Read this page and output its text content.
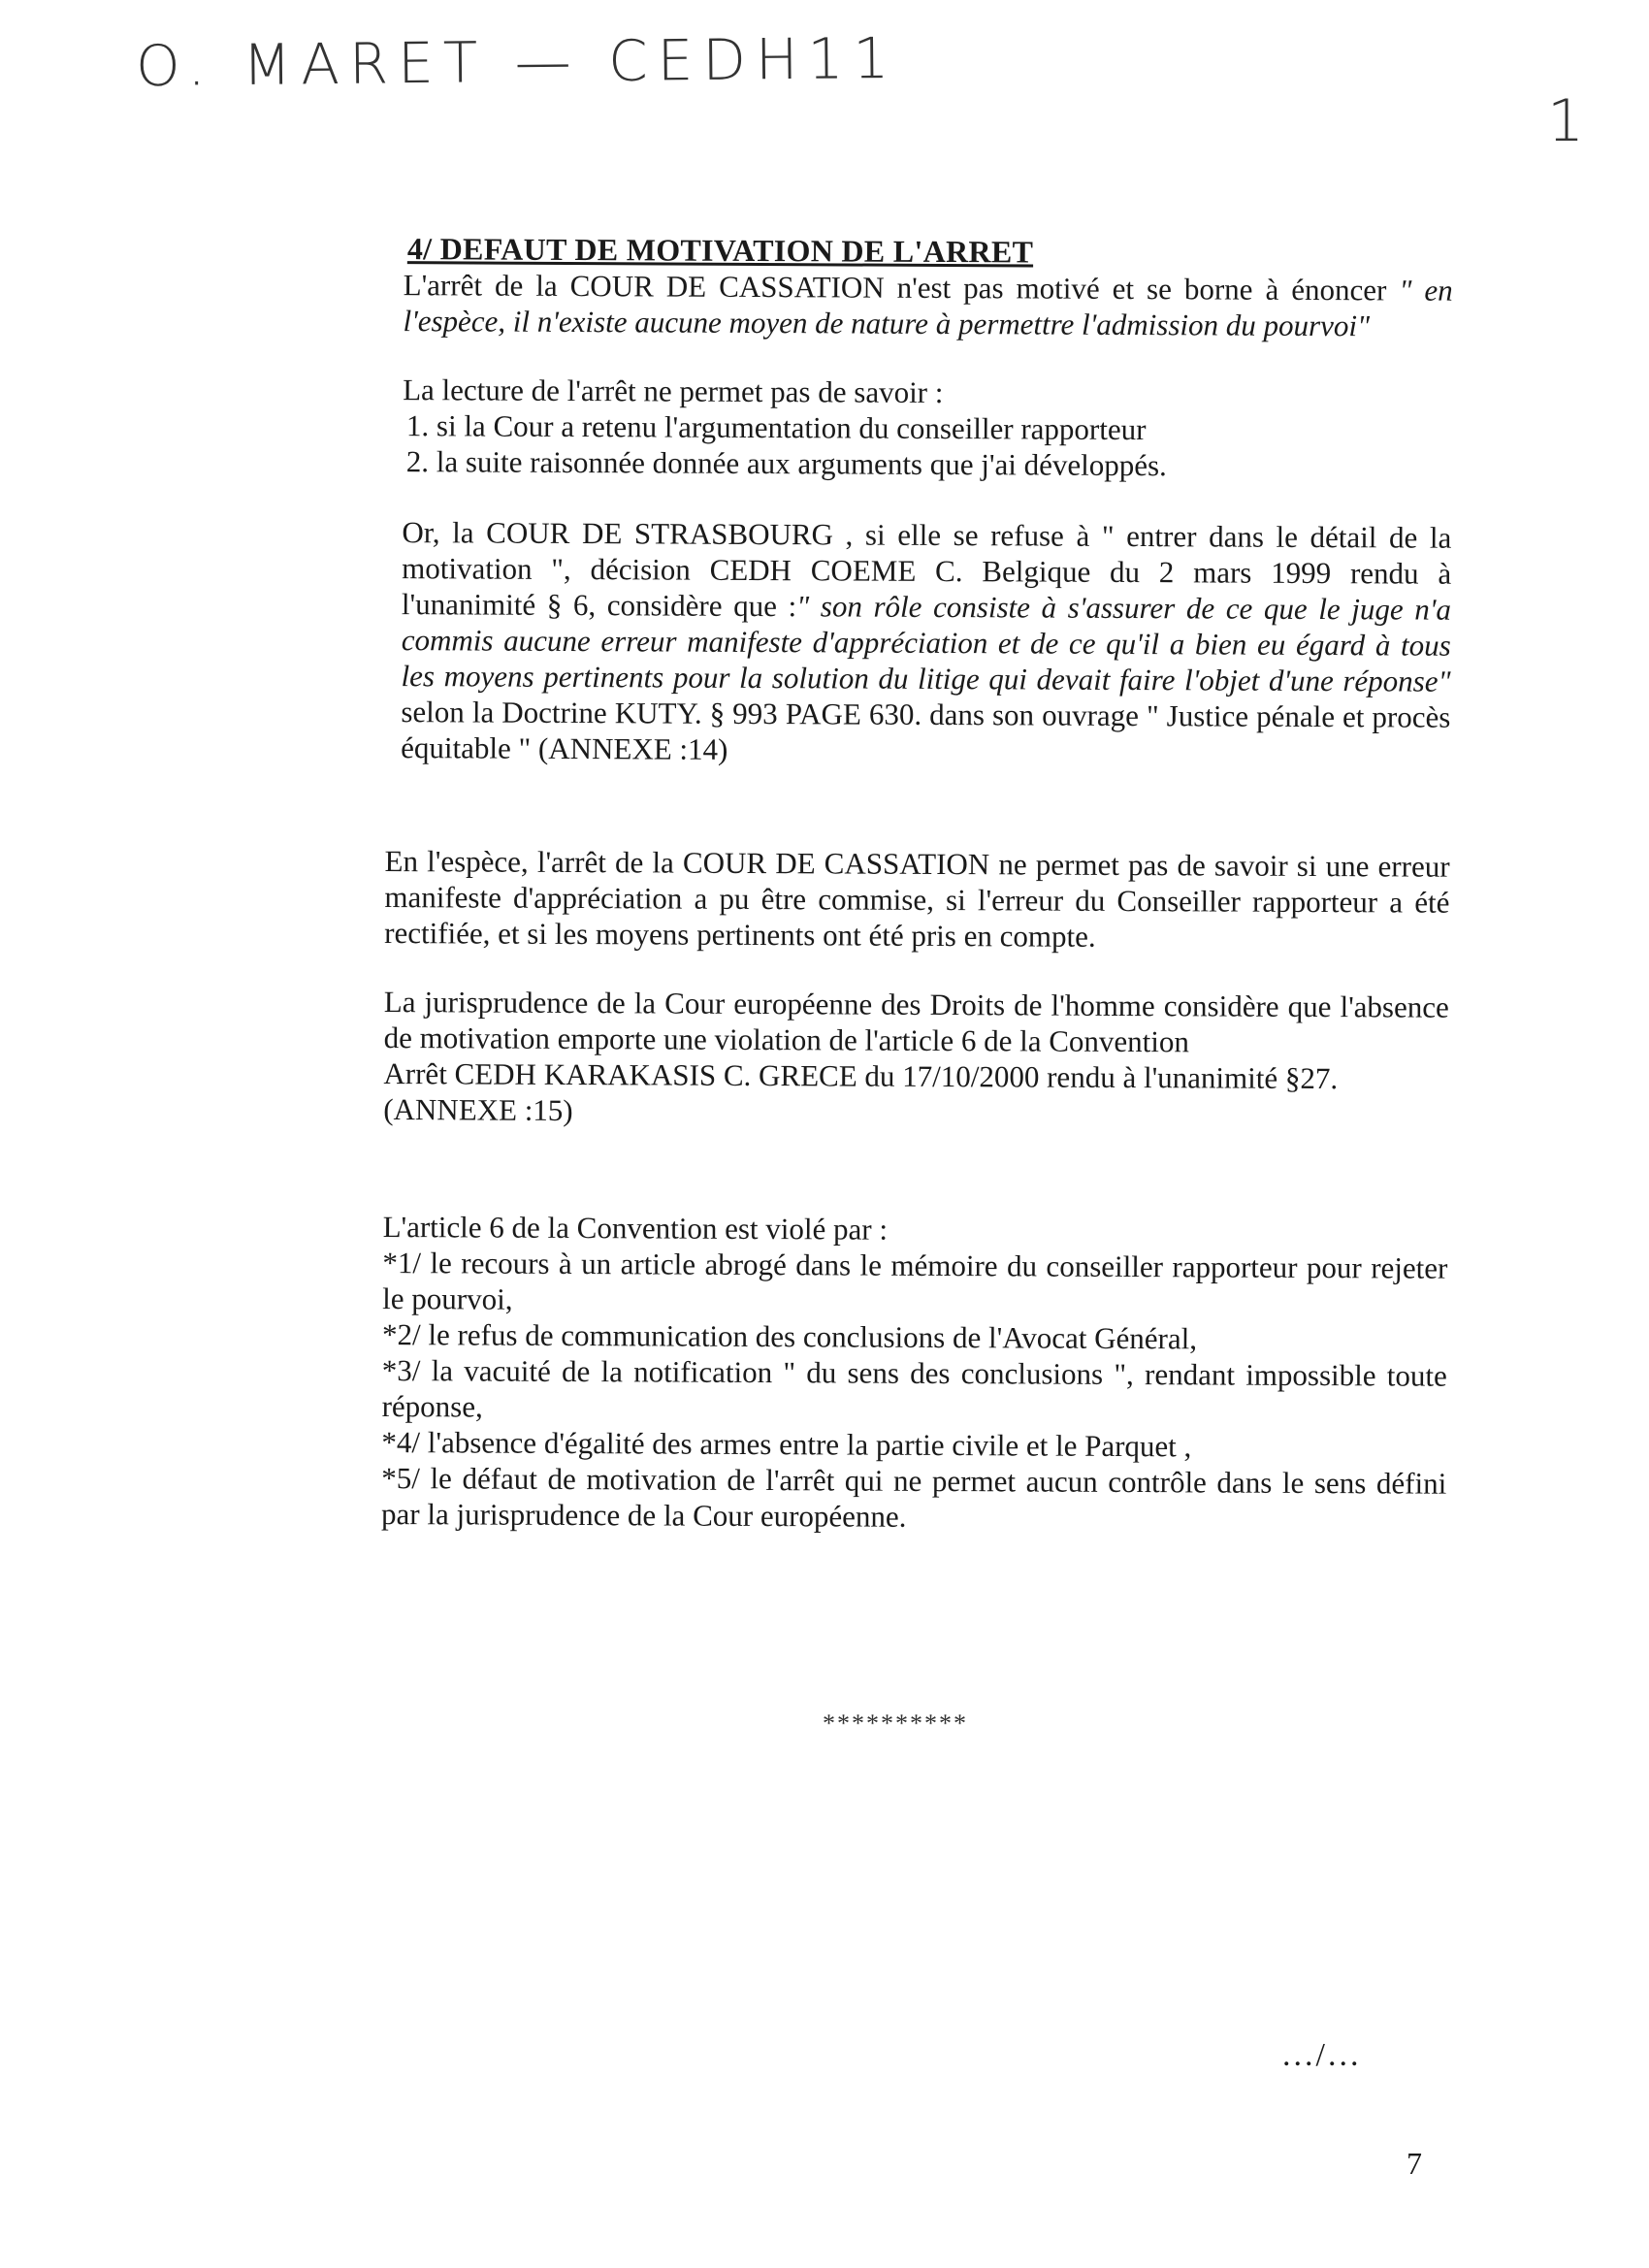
O. MARET — CEDH11
1

4/ DEFAUT DE MOTIVATION DE L'ARRET

L'arrêt de la COUR DE CASSATION n'est pas motivé et se borne à énoncer " en l'espèce, il n'existe aucune moyen de nature à permettre l'admission du pourvoi"

La lecture de l'arrêt ne permet pas de savoir :

1. si la Cour a retenu l'argumentation du conseiller rapporteur
2. la suite raisonnée donnée aux arguments que j'ai développés.

Or, la COUR DE STRASBOURG , si elle se refuse à " entrer dans le détail de la motivation ", décision CEDH COEME C. Belgique du 2 mars 1999 rendu à l'unanimité § 6, considère que :" son rôle consiste à s'assurer de ce que le juge n'a commis aucune erreur manifeste d'appréciation et de ce qu'il a bien eu égard à tous les moyens pertinents pour la solution du litige qui devait faire l'objet d'une réponse" selon la Doctrine KUTY. § 993 PAGE 630. dans son ouvrage " Justice pénale et procès équitable " (ANNEXE :14)

En l'espèce, l'arrêt de la COUR DE CASSATION ne permet pas de savoir si une erreur manifeste d'appréciation a pu être commise, si l'erreur du Conseiller rapporteur a été rectifiée, et si les moyens pertinents ont été pris en compte.

La jurisprudence de la Cour européenne des Droits de l'homme considère que l'absence de motivation emporte une violation de l'article 6 de la Convention

Arrêt CEDH KARAKASIS C. GRECE du 17/10/2000 rendu à l'unanimité §27.

(ANNEXE :15)

L'article 6 de la Convention est violé par :

*1/ le recours à un article abrogé dans le mémoire du conseiller rapporteur pour rejeter le pourvoi,

*2/ le refus de communication des conclusions de l'Avocat Général,

*3/ la vacuité de la notification " du sens des conclusions ", rendant impossible toute réponse,

*4/ l'absence d'égalité des armes entre la partie civile et le Parquet ,

*5/ le défaut de motivation de l'arrêt qui ne permet aucun contrôle dans le sens défini par la jurisprudence de la Cour européenne.

**********
.../...
7
